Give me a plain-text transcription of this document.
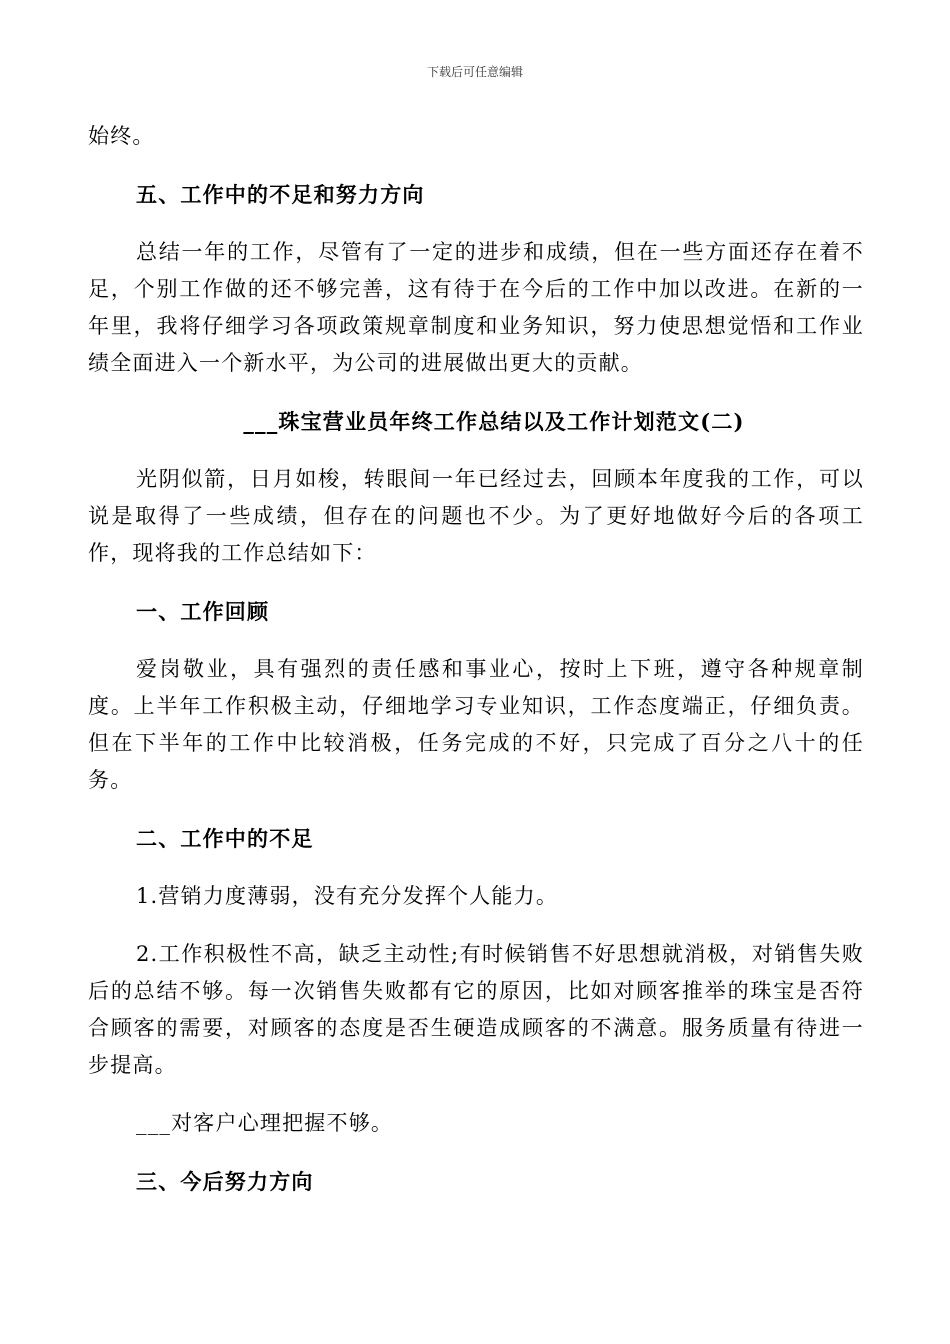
下载后可任意编辑

始终。

五、工作中的不足和努力方向

总结一年的工作，尽管有了一定的进步和成绩，但在一些方面还存在着不足，个别工作做的还不够完善，这有待于在今后的工作中加以改进。在新的一年里，我将仔细学习各项政策规章制度和业务知识，努力使思想觉悟和工作业绩全面进入一个新水平，为公司的进展做出更大的贡献。

___珠宝营业员年终工作总结以及工作计划范文(二)

光阴似箭，日月如梭，转眼间一年已经过去，回顾本年度我的工作，可以说是取得了一些成绩，但存在的问题也不少。为了更好地做好今后的各项工作，现将我的工作总结如下：

一、工作回顾

爱岗敬业，具有强烈的责任感和事业心，按时上下班，遵守各种规章制度。上半年工作积极主动，仔细地学习专业知识，工作态度端正，仔细负责。但在下半年的工作中比较消极，任务完成的不好，只完成了百分之八十的任务。

二、工作中的不足

1.营销力度薄弱，没有充分发挥个人能力。

2.工作积极性不高，缺乏主动性;有时候销售不好思想就消极，对销售失败后的总结不够。每一次销售失败都有它的原因，比如对顾客推举的珠宝是否符合顾客的需要，对顾客的态度是否生硬造成顾客的不满意。服务质量有待进一步提高。

___对客户心理把握不够。

三、今后努力方向
